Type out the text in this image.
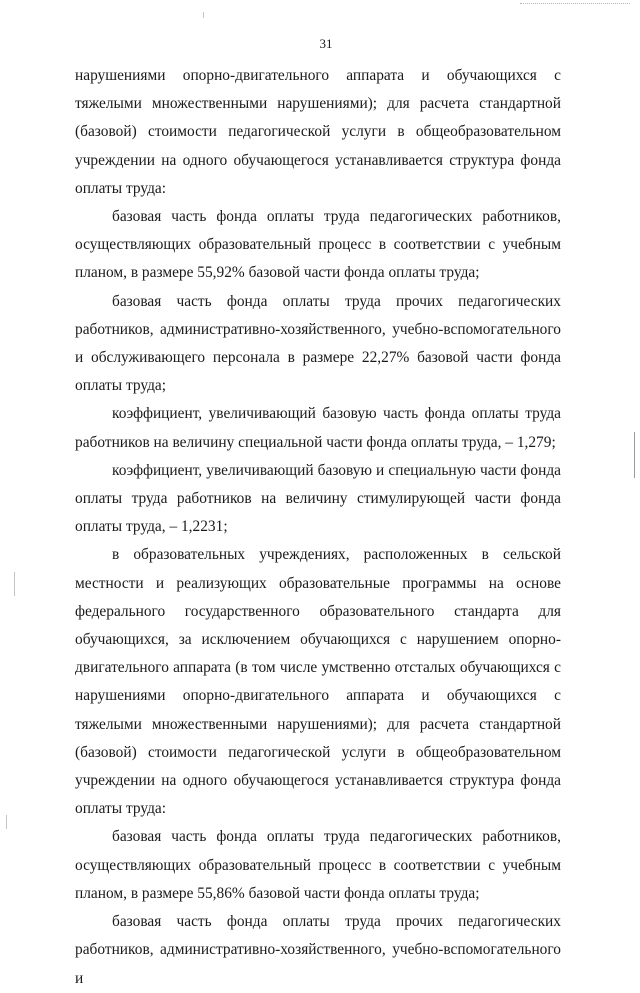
31

нарушениями опорно-двигательного аппарата и обучающихся с тяжелыми множественными нарушениями); для расчета стандартной (базовой) стоимости педагогической услуги в общеобразовательном учреждении на одного обучающегося устанавливается структура фонда оплаты труда:

базовая часть фонда оплаты труда педагогических работников, осуществляющих образовательный процесс в соответствии с учебным планом, в размере 55,92% базовой части фонда оплаты труда;

базовая часть фонда оплаты труда прочих педагогических работников, административно-хозяйственного, учебно-вспомогательного и обслуживающего персонала в размере 22,27% базовой части фонда оплаты труда;

коэффициент, увеличивающий базовую часть фонда оплаты труда работников на величину специальной части фонда оплаты труда, – 1,279;

коэффициент, увеличивающий базовую и специальную части фонда оплаты труда работников на величину стимулирующей части фонда оплаты труда, – 1,2231;

в образовательных учреждениях, расположенных в сельской местности и реализующих образовательные программы на основе федерального государственного образовательного стандарта для обучающихся, за исключением обучающихся с нарушением опорно-двигательного аппарата (в том числе умственно отсталых обучающихся с нарушениями опорно-двигательного аппарата и обучающихся с тяжелыми множественными нарушениями); для расчета стандартной (базовой) стоимости педагогической услуги в общеобразовательном учреждении на одного обучающегося устанавливается структура фонда оплаты труда:

базовая часть фонда оплаты труда педагогических работников, осуществляющих образовательный процесс в соответствии с учебным планом, в размере 55,86% базовой части фонда оплаты труда;

базовая часть фонда оплаты труда прочих педагогических работников, административно-хозяйственного, учебно-вспомогательного и
